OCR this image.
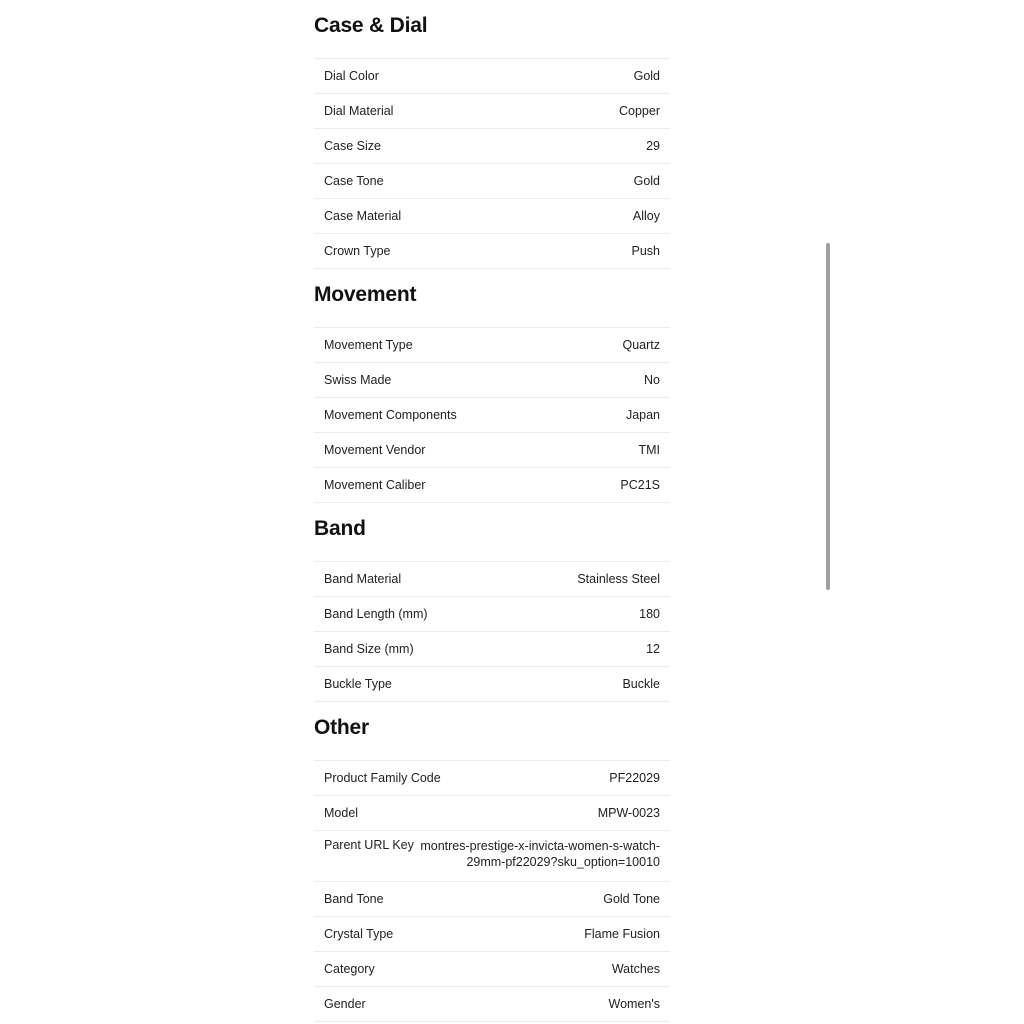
Case & Dial
Dial Color	Gold
Dial Material	Copper
Case Size	29
Case Tone	Gold
Case Material	Alloy
Crown Type	Push
Movement
Movement Type	Quartz
Swiss Made	No
Movement Components	Japan
Movement Vendor	TMI
Movement Caliber	PC21S
Band
Band Material	Stainless Steel
Band Length (mm)	180
Band Size (mm)	12
Buckle Type	Buckle
Other
Product Family Code	PF22029
Model	MPW-0023
Parent URL Key montres-prestige-x-invicta-women-s-watch-29mm-pf22029?sku_option=10010
Band Tone	Gold Tone
Crystal Type	Flame Fusion
Category	Watches
Gender	Women's
